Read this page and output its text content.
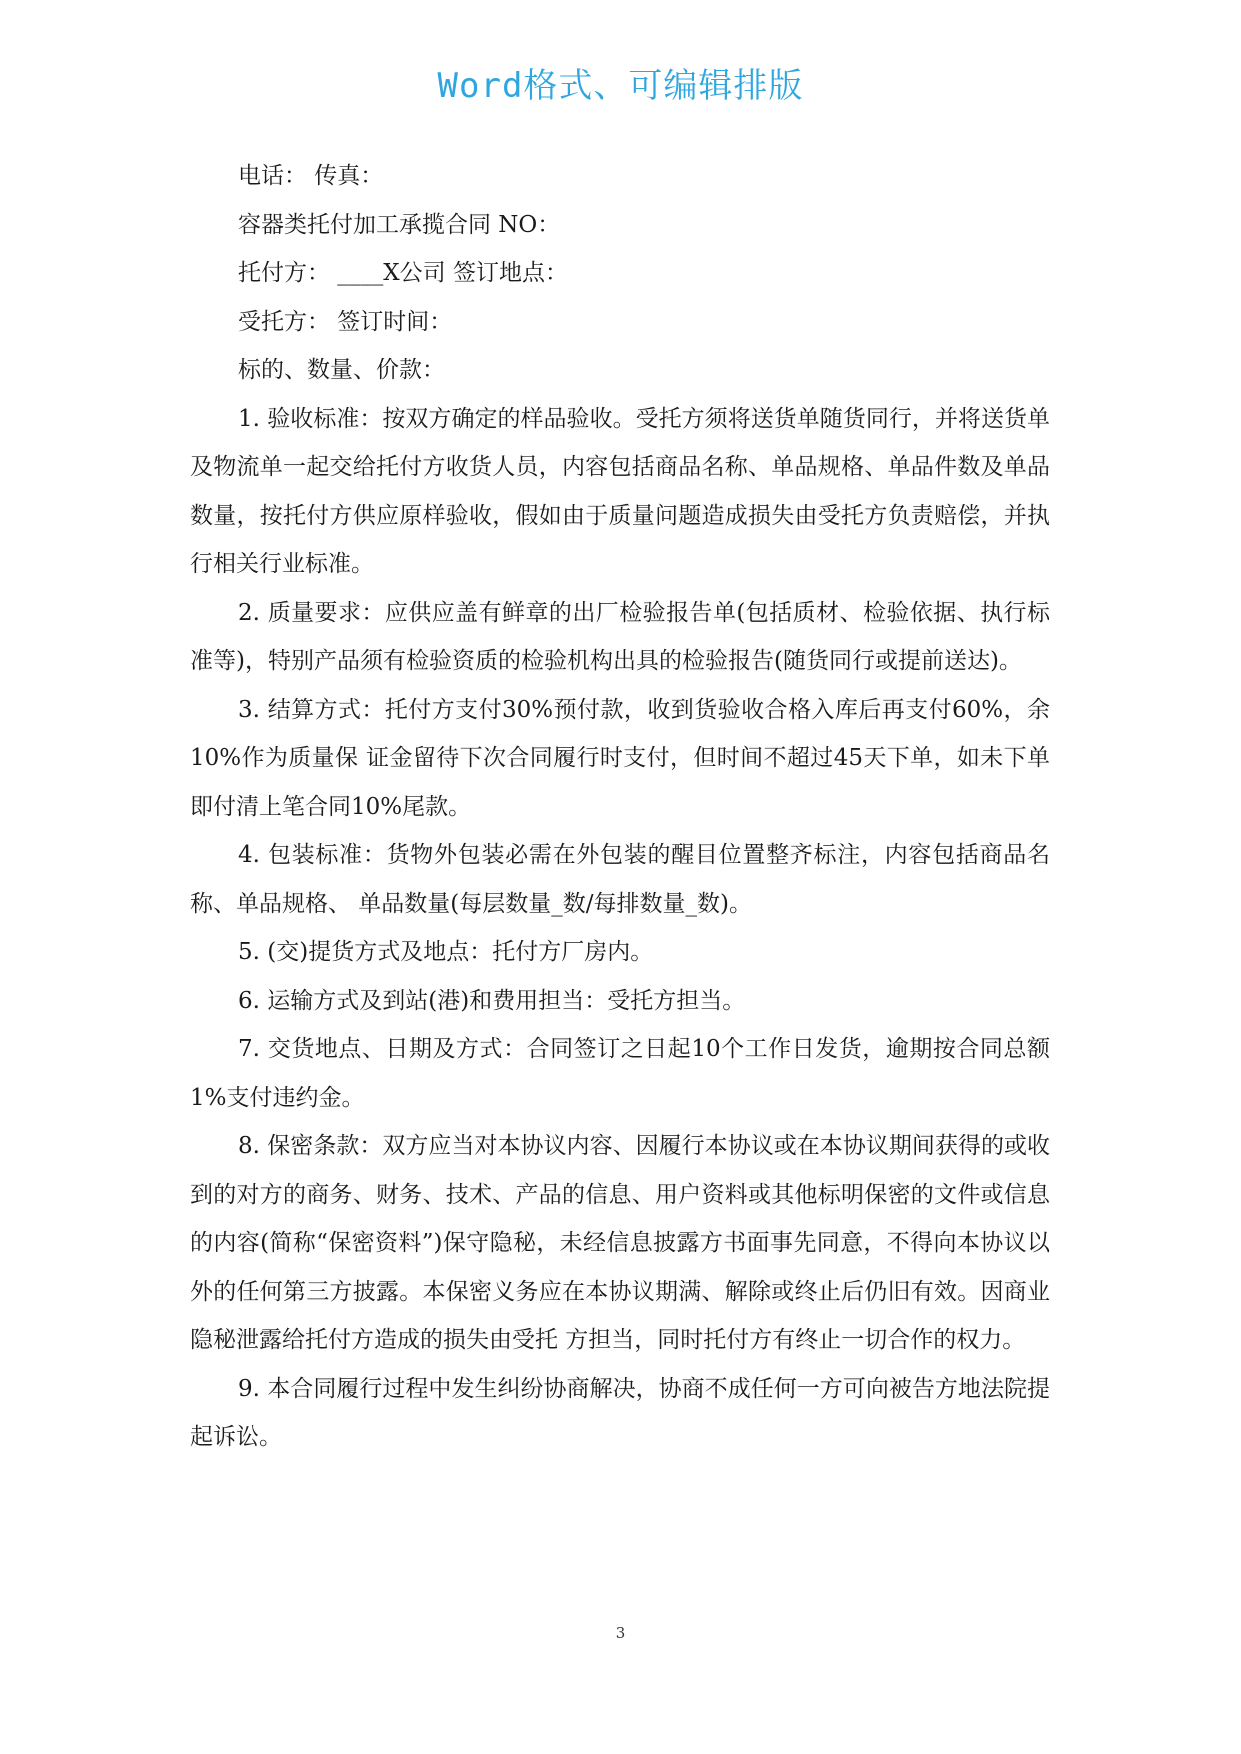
Word格式、可编辑排版

电话： 传真：

容器类托付加工承揽合同 NO：

托付方： ____X公司 签订地点：

受托方： 签订时间：

标的、数量、价款：

1. 验收标准：按双方确定的样品验收。受托方须将送货单随货同行，并将送货单及物流单一起交给托付方收货人员，内容包括商品名称、单品规格、单品件数及单品数量，按托付方供应原样验收，假如由于质量问题造成损失由受托方负责赔偿，并执行相关行业标准。

2. 质量要求：应供应盖有鲜章的出厂检验报告单(包括质材、检验依据、执行标准等)，特别产品须有检验资质的检验机构出具的检验报告(随货同行或提前送达)。

3. 结算方式：托付方支付30%预付款，收到货验收合格入库后再支付60%，余10%作为质量保 证金留待下次合同履行时支付，但时间不超过45天下单，如未下单即付清上笔合同10%尾款。

4. 包装标准：货物外包装必需在外包装的醒目位置整齐标注，内容包括商品名称、单品规格、 单品数量(每层数量_数/每排数量_数)。

5. (交)提货方式及地点：托付方厂房内。

6. 运输方式及到站(港)和费用担当：受托方担当。

7. 交货地点、日期及方式：合同签订之日起10个工作日发货，逾期按合同总额1%支付违约金。

8. 保密条款：双方应当对本协议内容、因履行本协议或在本协议期间获得的或收到的对方的商务、财务、技术、产品的信息、用户资料或其他标明保密的文件或信息的内容(简称“保密资料”)保守隐秘，未经信息披露方书面事先同意，不得向本协议以外的任何第三方披露。本保密义务应在本协议期满、解除或终止后仍旧有效。因商业隐秘泄露给托付方造成的损失由受托 方担当，同时托付方有终止一切合作的权力。

9. 本合同履行过程中发生纠纷协商解决，协商不成任何一方可向被告方地法院提起诉讼。

3
